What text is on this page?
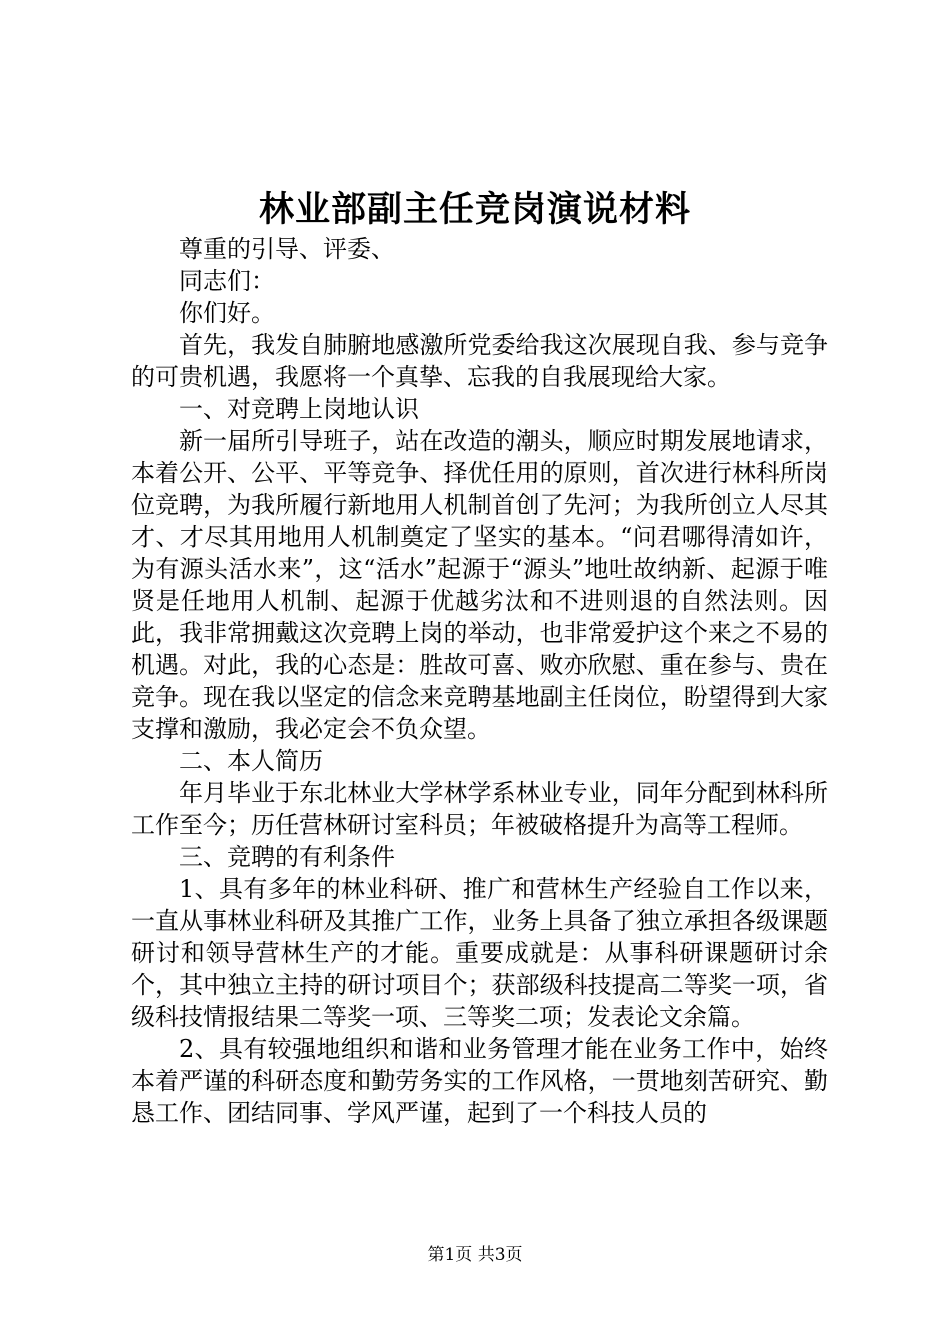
林业部副主任竞岗演说材料

尊重的引导、评委、

同志们：

你们好。

首先，我发自肺腑地感激所党委给我这次展现自我、参与竞争的可贵机遇，我愿将一个真挚、忘我的自我展现给大家。

一、对竞聘上岗地认识

新一届所引导班子，站在改造的潮头，顺应时期发展地请求，本着公开、公平、平等竞争、择优任用的原则，首次进行林科所岗位竞聘，为我所履行新地用人机制首创了先河；为我所创立人尽其才、才尽其用地用人机制奠定了坚实的基本。“问君哪得清如许，为有源头活水来”，这“活水”起源于“源头”地吐故纳新、起源于唯贤是任地用人机制、起源于优越劣汰和不进则退的自然法则。因此，我非常拥戴这次竞聘上岗的举动，也非常爱护这个来之不易的机遇。对此，我的心态是：胜故可喜、败亦欣慰、重在参与、贵在竞争。现在我以坚定的信念来竞聘基地副主任岗位，盼望得到大家支撑和激励，我必定会不负众望。

二、本人简历

年月毕业于东北林业大学林学系林业专业，同年分配到林科所工作至今；历任营林研讨室科员；年被破格提升为高等工程师。

三、竞聘的有利条件

1、具有多年的林业科研、推广和营林生产经验自工作以来，一直从事林业科研及其推广工作，业务上具备了独立承担各级课题研讨和领导营林生产的才能。重要成就是：从事科研课题研讨余个，其中独立主持的研讨项目个；获部级科技提高二等奖一项，省级科技情报结果二等奖一项、三等奖二项；发表论文余篇。

2、具有较强地组织和谐和业务管理才能在业务工作中，始终本着严谨的科研态度和勤劳务实的工作风格，一贯地刻苦研究、勤恳工作、团结同事、学风严谨，起到了一个科技人员的

第1页 共3页
